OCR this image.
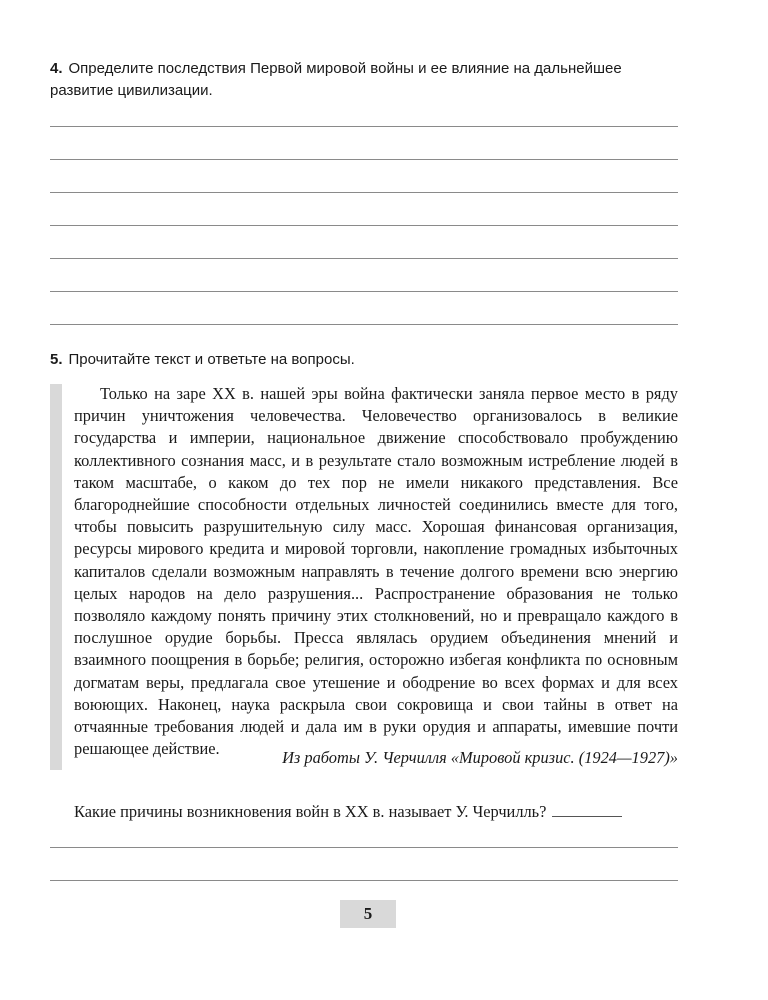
4. Определите последствия Первой мировой войны и ее влияние на дальнейшее развитие цивилизации.
5. Прочитайте текст и ответьте на вопросы.

Только на заре XX в. нашей эры война фактически заняла первое место в ряду причин уничтожения человечества. Человечество организовалось в великие государства и империи, национальное движение способствовало пробуждению коллективного сознания масс, и в результате стало возможным истребление людей в таком масштабе, о каком до тех пор не имели никакого представления. Все благороднейшие способности отдельных личностей соединились вместе для того, чтобы повысить разрушительную силу масс. Хорошая финансовая организация, ресурсы мирового кредита и мировой торговли, накопление громадных избыточных капиталов сделали возможным направлять в течение долгого времени всю энергию целых народов на дело разрушения... Распространение образования не только позволяло каждому понять причину этих столкновений, но и превращало каждого в послушное орудие борьбы. Пресса являлась орудием объединения мнений и взаимного поощрения в борьбе; религия, осторожно избегая конфликта по основным догматам веры, предлагала свое утешение и ободрение во всех формах и для всех воюющих. Наконец, наука раскрыла свои сокровища и свои тайны в ответ на отчаянные требования людей и дала им в руки орудия и аппараты, имевшие почти решающее действие.	Из работы У. Черчилля «Мировой кризис. (1924—1927)»
Какие причины возникновения войн в XX в. называет У. Черчилль?
5
